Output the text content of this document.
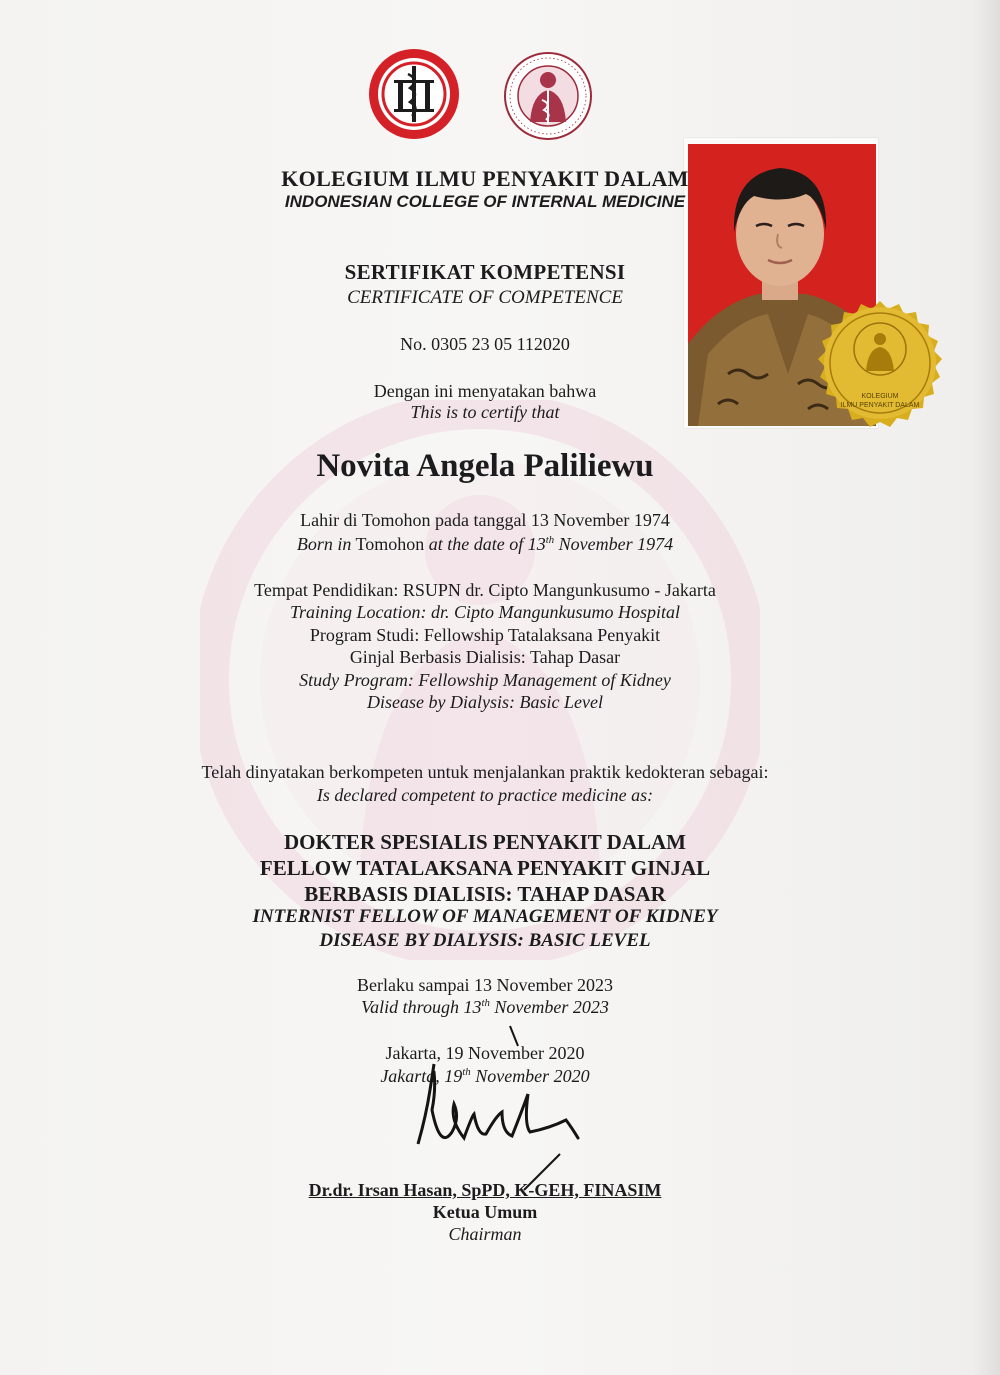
KOLEGIUM
ILMU PENYAKIT DALAM
KOLEGIUM ILMU PENYAKIT DALAM
INDONESIAN COLLEGE OF INTERNAL MEDICINE
SERTIFIKAT KOMPETENSI
CERTIFICATE OF COMPETENCE
No. 0305 23 05 112020
Dengan ini menyatakan bahwa
This is to certify that
Novita Angela Paliliewu
Lahir di Tomohon pada tanggal 13 November 1974
Born in Tomohon at the date of 13th November 1974
Tempat Pendidikan: RSUPN dr. Cipto Mangunkusumo - Jakarta
Training Location: dr. Cipto Mangunkusumo Hospital
Program Studi: Fellowship Tatalaksana Penyakit
Ginjal Berbasis Dialisis: Tahap Dasar
Study Program: Fellowship Management of Kidney
Disease by Dialysis: Basic Level
Telah dinyatakan berkompeten untuk menjalankan praktik kedokteran sebagai:
Is declared competent to practice medicine as:
DOKTER SPESIALIS PENYAKIT DALAM
FELLOW TATALAKSANA PENYAKIT GINJAL
BERBASIS DIALISIS: TAHAP DASAR
INTERNIST FELLOW OF MANAGEMENT OF KIDNEY
DISEASE BY DIALYSIS: BASIC LEVEL
Berlaku sampai 13 November 2023
Valid through 13th November 2023
Jakarta, 19 November 2020
Jakarta, 19th November 2020
Dr.dr. Irsan Hasan, SpPD, K-GEH, FINASIM
Ketua Umum
Chairman
